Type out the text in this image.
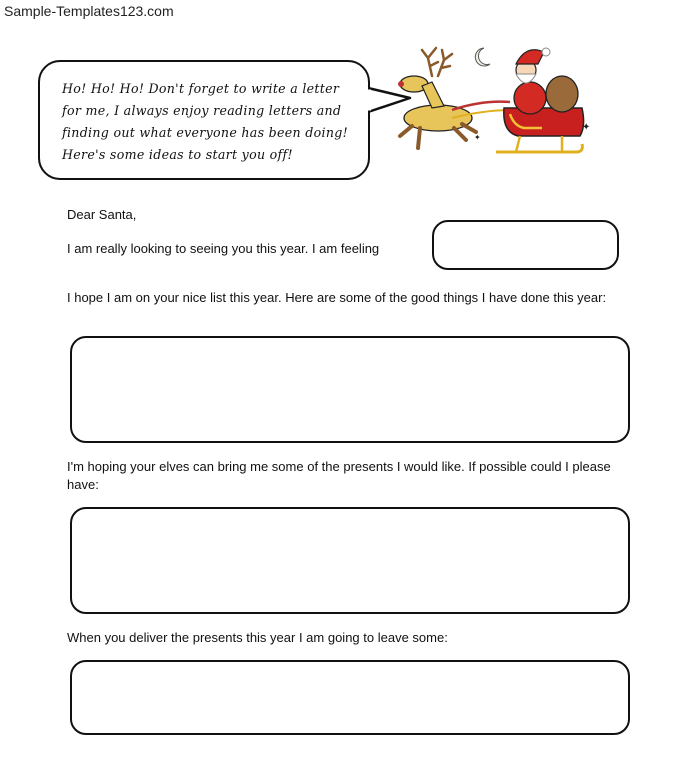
Sample-Templates123.com
Ho! Ho! Ho! Don't forget to write a letter for me, I always enjoy reading letters and finding out what everyone has been doing! Here's some ideas to start you off!
✦
✦
Dear Santa,
I am really looking to seeing you this year. I am feeling
I hope I am on your nice list this year. Here are some of the good things I have done this year:
I'm hoping your elves can bring me some of the presents I would like. If possible could I please have:
When you deliver the presents this year I am going to leave some:
